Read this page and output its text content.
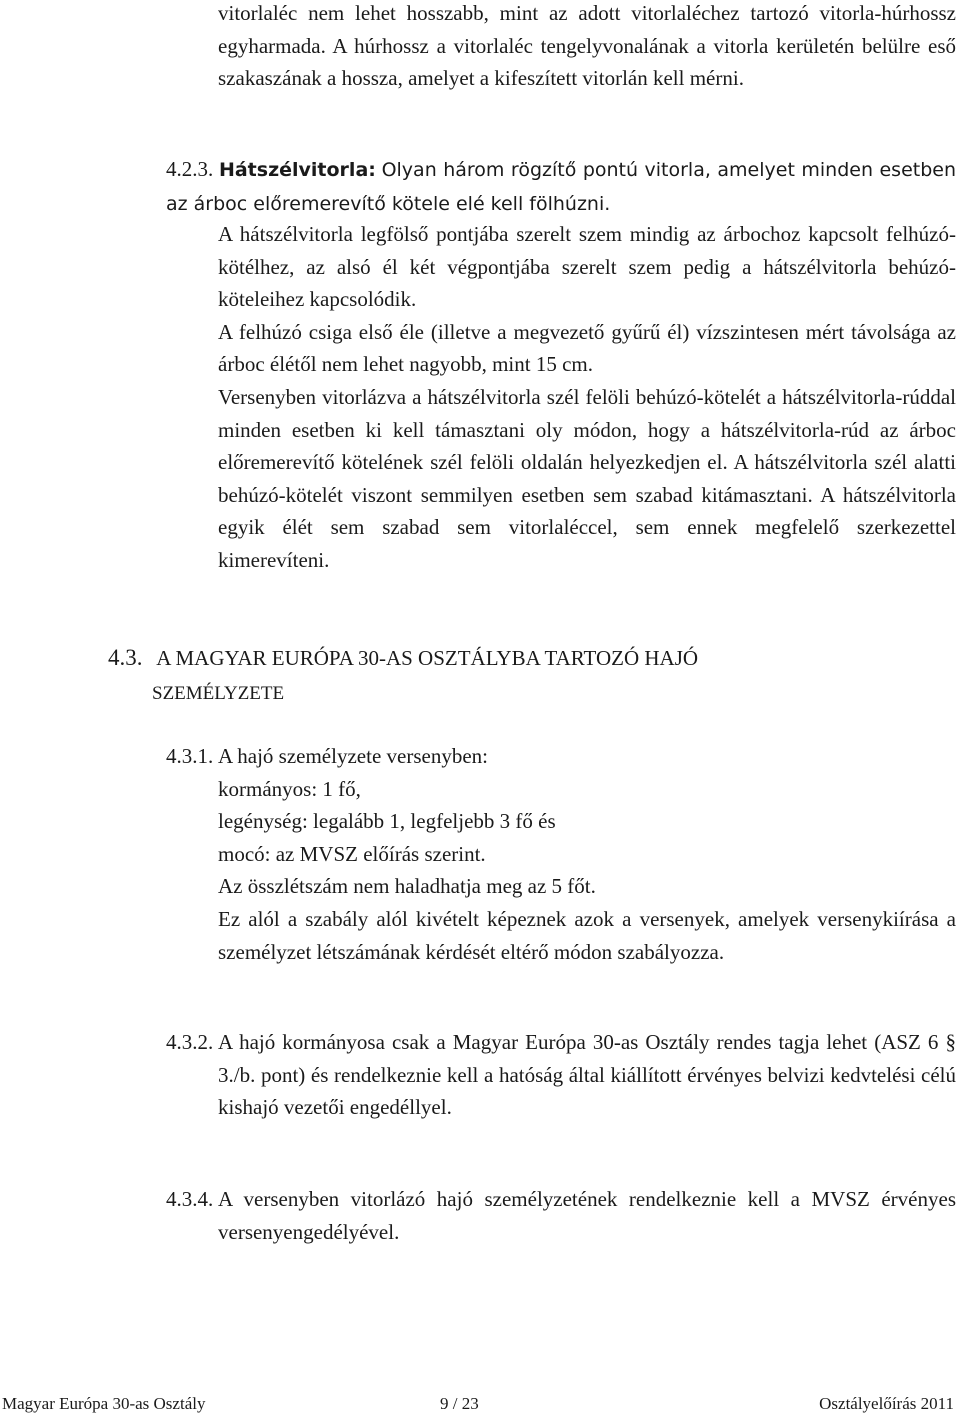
vitorlaléc nem lehet hosszabb, mint az adott vitorlaléchez tartozó vitorla-húrhossz egyharmada. A húrhossz a vitorlaléc tengelyvonalának a vitorla kerületén belülre eső szakaszának a hossza, amelyet a kifeszített vitorlán kell mérni.
4.2.3. Hátszélvitorla: Olyan három rögzítő pontú vitorla, amelyet minden esetben az árboc előremerevítő kötele elé kell fölhúzni.
A hátszélvitorla legfölső pontjába szerelt szem mindig az árbochoz kapcsolt felhúzó-kötélhez, az alsó él két végpontjába szerelt szem pedig a hátszélvitorla behúzó-köteleihez kapcsolódik.
A felhúzó csiga első éle (illetve a megvezető gyűrű él) vízszintesen mért távolsága az árboc élétől nem lehet nagyobb, mint 15 cm.
Versenyben vitorlázva a hátszélvitorla szél felöli behúzó-kötelét a hátszélvitorla-rúddal minden esetben ki kell támasztani oly módon, hogy a hátszélvitorla-rúd az árboc előremerevítő kötelének szél felöli oldalán helyezkedjen el. A hátszélvitorla szél alatti behúzó-kötelét viszont semmilyen esetben sem szabad kitámasztani. A hátszélvitorla egyik élét sem szabad sem vitorlaléccel, sem ennek megfelelő szerkezettel kimerevíteni.
4.3. A MAGYAR EURÓPA 30-AS OSZTÁLYBA TARTOZÓ HAJÓ
SZEMÉLYZETE
4.3.1. A hajó személyzete versenyben:
kormányos: 1 fő,
legénység: legalább 1, legfeljebb 3 fő és
mocó: az MVSZ előírás szerint.
Az összlétszám nem haladhatja meg az 5 főt.
Ez alól a szabály alól kivételt képeznek azok a versenyek, amelyek versenykiírása a személyzet létszámának kérdését eltérő módon szabályozza.
4.3.2. A hajó kormányosa csak a Magyar Európa 30-as Osztály rendes tagja lehet (ASZ 6 § 3./b. pont) és rendelkeznie kell a hatóság által kiállított érvényes belvizi kedvtelési célú kishajó vezetői engedéllyel.
4.3.4. A versenyben vitorlázó hajó személyzetének rendelkeznie kell a MVSZ érvényes versenyengedélyével.
Magyar Európa 30-as Osztály	9 / 23	Osztályelőírás 2011
